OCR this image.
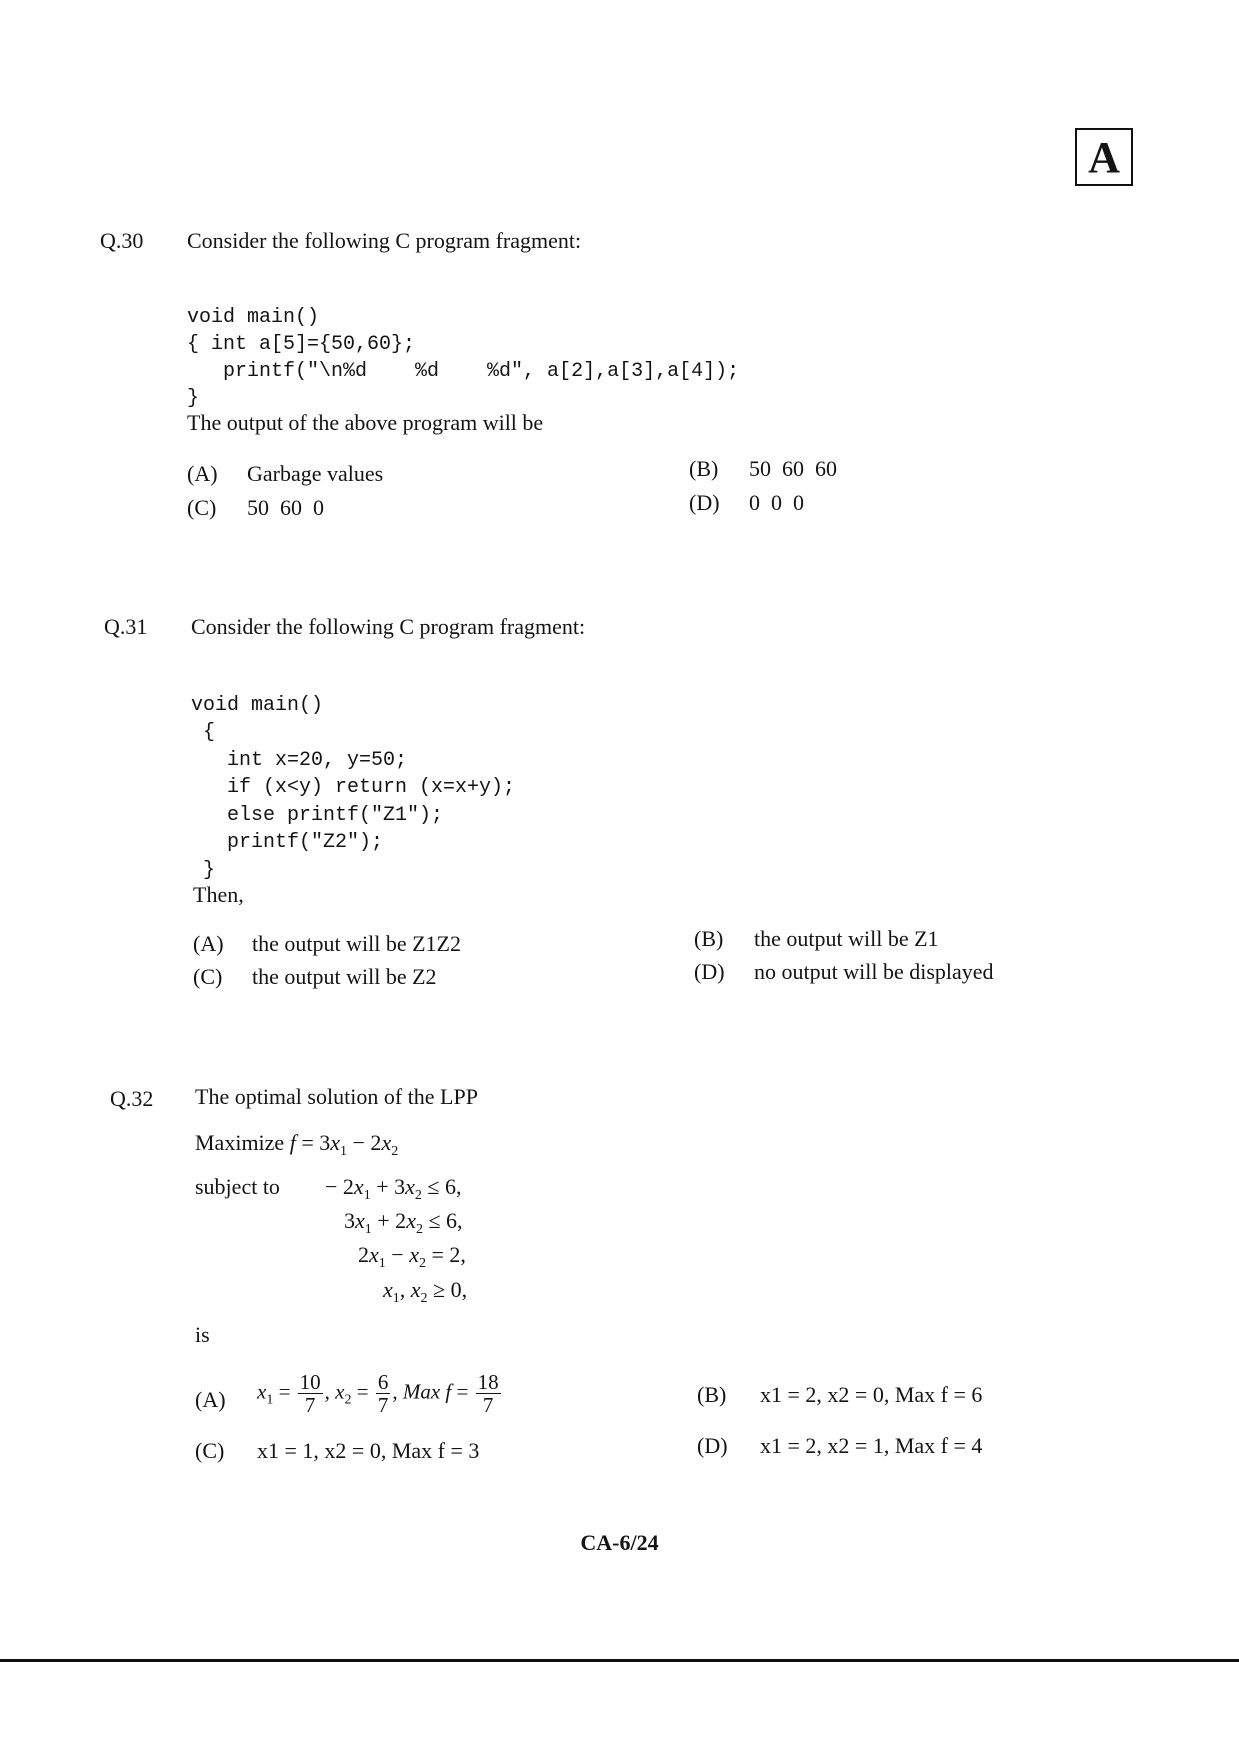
A
Q.30 Consider the following C program fragment:

void main()
{ int a[5]={50,60};
printf("\n%d    %d    %d", a[2],a[3],a[4]);
}
The output of the above program will be
(A) Garbage values	(B) 50  60  60
(C) 50  60  0	(D) 0  0  0
Q.31 Consider the following C program fragment:

void main()
{
int x=20, y=50;
if (x<y) return (x=x+y);
else printf("Z1");
printf("Z2");
}
Then,
(A) the output will be Z1Z2	(B) the output will be Z1
(C) the output will be Z2	(D) no output will be displayed
Q.32 The optimal solution of the LPP
Maximize $f = 3x_1 - 2x_2$
subject to − $2x_1 + 3x_2 \le 6$,
$3x_1 + 2x_2 \le 6$,
$2x_1 - x_2 = 2$,
$x_1$, $x_2 \ge 0$,
is
(A) $x_1 = \frac{10}{7}$ , $x_2 = \frac{6}{7}$ , Max $f = \frac{18}{7}$	(B) x1 = 2, x2 = 0, Max f = 6
(C) x1 = 1, x2 = 0, Max f = 3	(D) x1 = 2, x2 = 1, Max f = 4
CA-6/24
